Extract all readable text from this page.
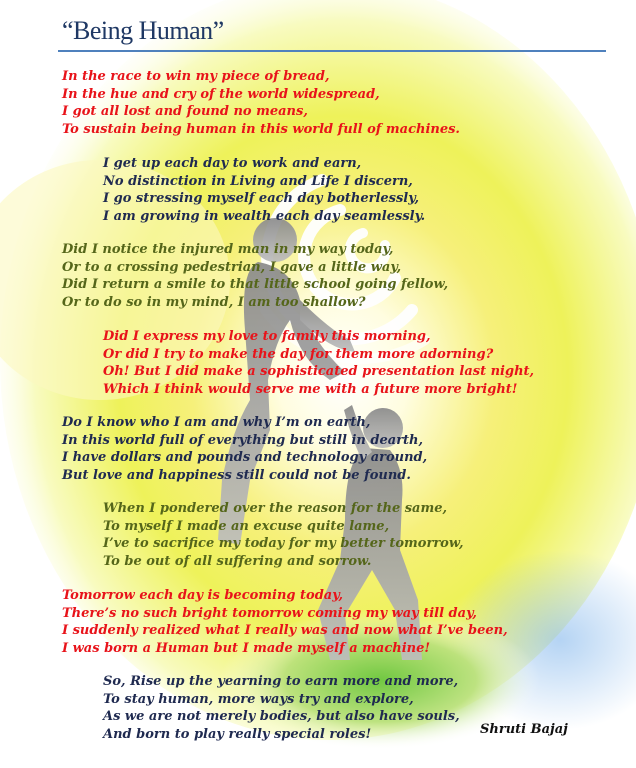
“Being Human”
In the race to win my piece of bread,
In the hue and cry of the world widespread,
I got all lost and found no means,
To sustain being human in this world full of machines.
I get up each day to work and earn,
No distinction in Living and Life I discern,
I go stressing myself each day botherlessly,
I am growing in wealth each day seamlessly.
Did I notice the injured man in my way today,
Or to a crossing pedestrian, I gave a little way,
Did I return a smile to that little school going fellow,
Or to do so in my mind, I am too shallow?
Did I express my love to family this morning,
Or did I try to make the day for them more adorning?
Oh! But I did make a sophisticated presentation last night,
Which I think would serve me with a future more bright!
Do I know who I am and why I’m on earth,
In this world full of everything but still in dearth,
I have dollars and pounds and technology around,
But love and happiness still could not be found.
When I pondered over the reason for the same,
To myself I made an excuse quite lame,
I’ve to sacrifice my today for my better tomorrow,
To be out of all suffering and sorrow.
Tomorrow each day is becoming today,
There’s no such bright tomorrow coming my way till day,
I suddenly realized what I really was and now what I’ve been,
I was born a Human but I made myself a machine!
So, Rise up the yearning to earn more and more,
To stay human, more ways try and explore,
As we are not merely bodies, but also have souls,
And born to play really special roles!	Shruti Bajaj
